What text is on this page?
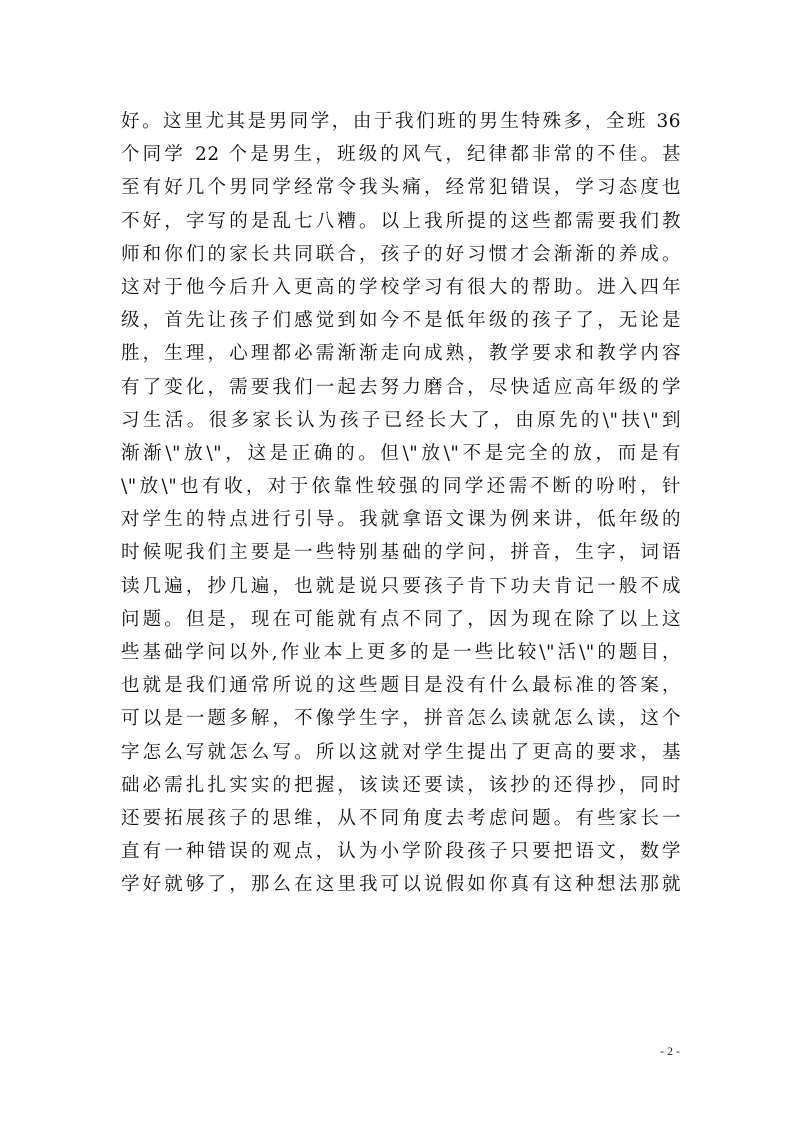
好。这里尤其是男同学，由于我们班的男生特殊多，全班 36
个同学 22 个是男生，班级的风气，纪律都非常的不佳。甚
至有好几个男同学经常令我头痛，经常犯错误，学习态度也
不好，字写的是乱七八糟。以上我所提的这些都需要我们教
师和你们的家长共同联合，孩子的好习惯才会渐渐的养成。
这对于他今后升入更高的学校学习有很大的帮助。进入四年
级，首先让孩子们感觉到如今不是低年级的孩子了，无论是
胜，生理，心理都必需渐渐走向成熟，教学要求和教学内容
有了变化，需要我们一起去努力磨合，尽快适应高年级的学
习生活。很多家长认为孩子已经长大了，由原先的\"扶\"到
渐渐\"放\"，这是正确的。但\"放\"不是完全的放，而是有
\"放\"也有收，对于依靠性较强的同学还需不断的吩咐，针
对学生的特点进行引导。我就拿语文课为例来讲，低年级的
时候呢我们主要是一些特别基础的学问，拼音，生字，词语
读几遍，抄几遍，也就是说只要孩子肯下功夫肯记一般不成
问题。但是，现在可能就有点不同了，因为现在除了以上这
些基础学问以外,作业本上更多的是一些比较\"活\"的题目，
也就是我们通常所说的这些题目是没有什么最标准的答案，
可以是一题多解，不像学生字，拼音怎么读就怎么读，这个
字怎么写就怎么写。所以这就对学生提出了更高的要求，基
础必需扎扎实实的把握，该读还要读，该抄的还得抄，同时
还要拓展孩子的思维，从不同角度去考虑问题。有些家长一
直有一种错误的观点，认为小学阶段孩子只要把语文，数学
学好就够了，那么在这里我可以说假如你真有这种想法那就
- 2 -
